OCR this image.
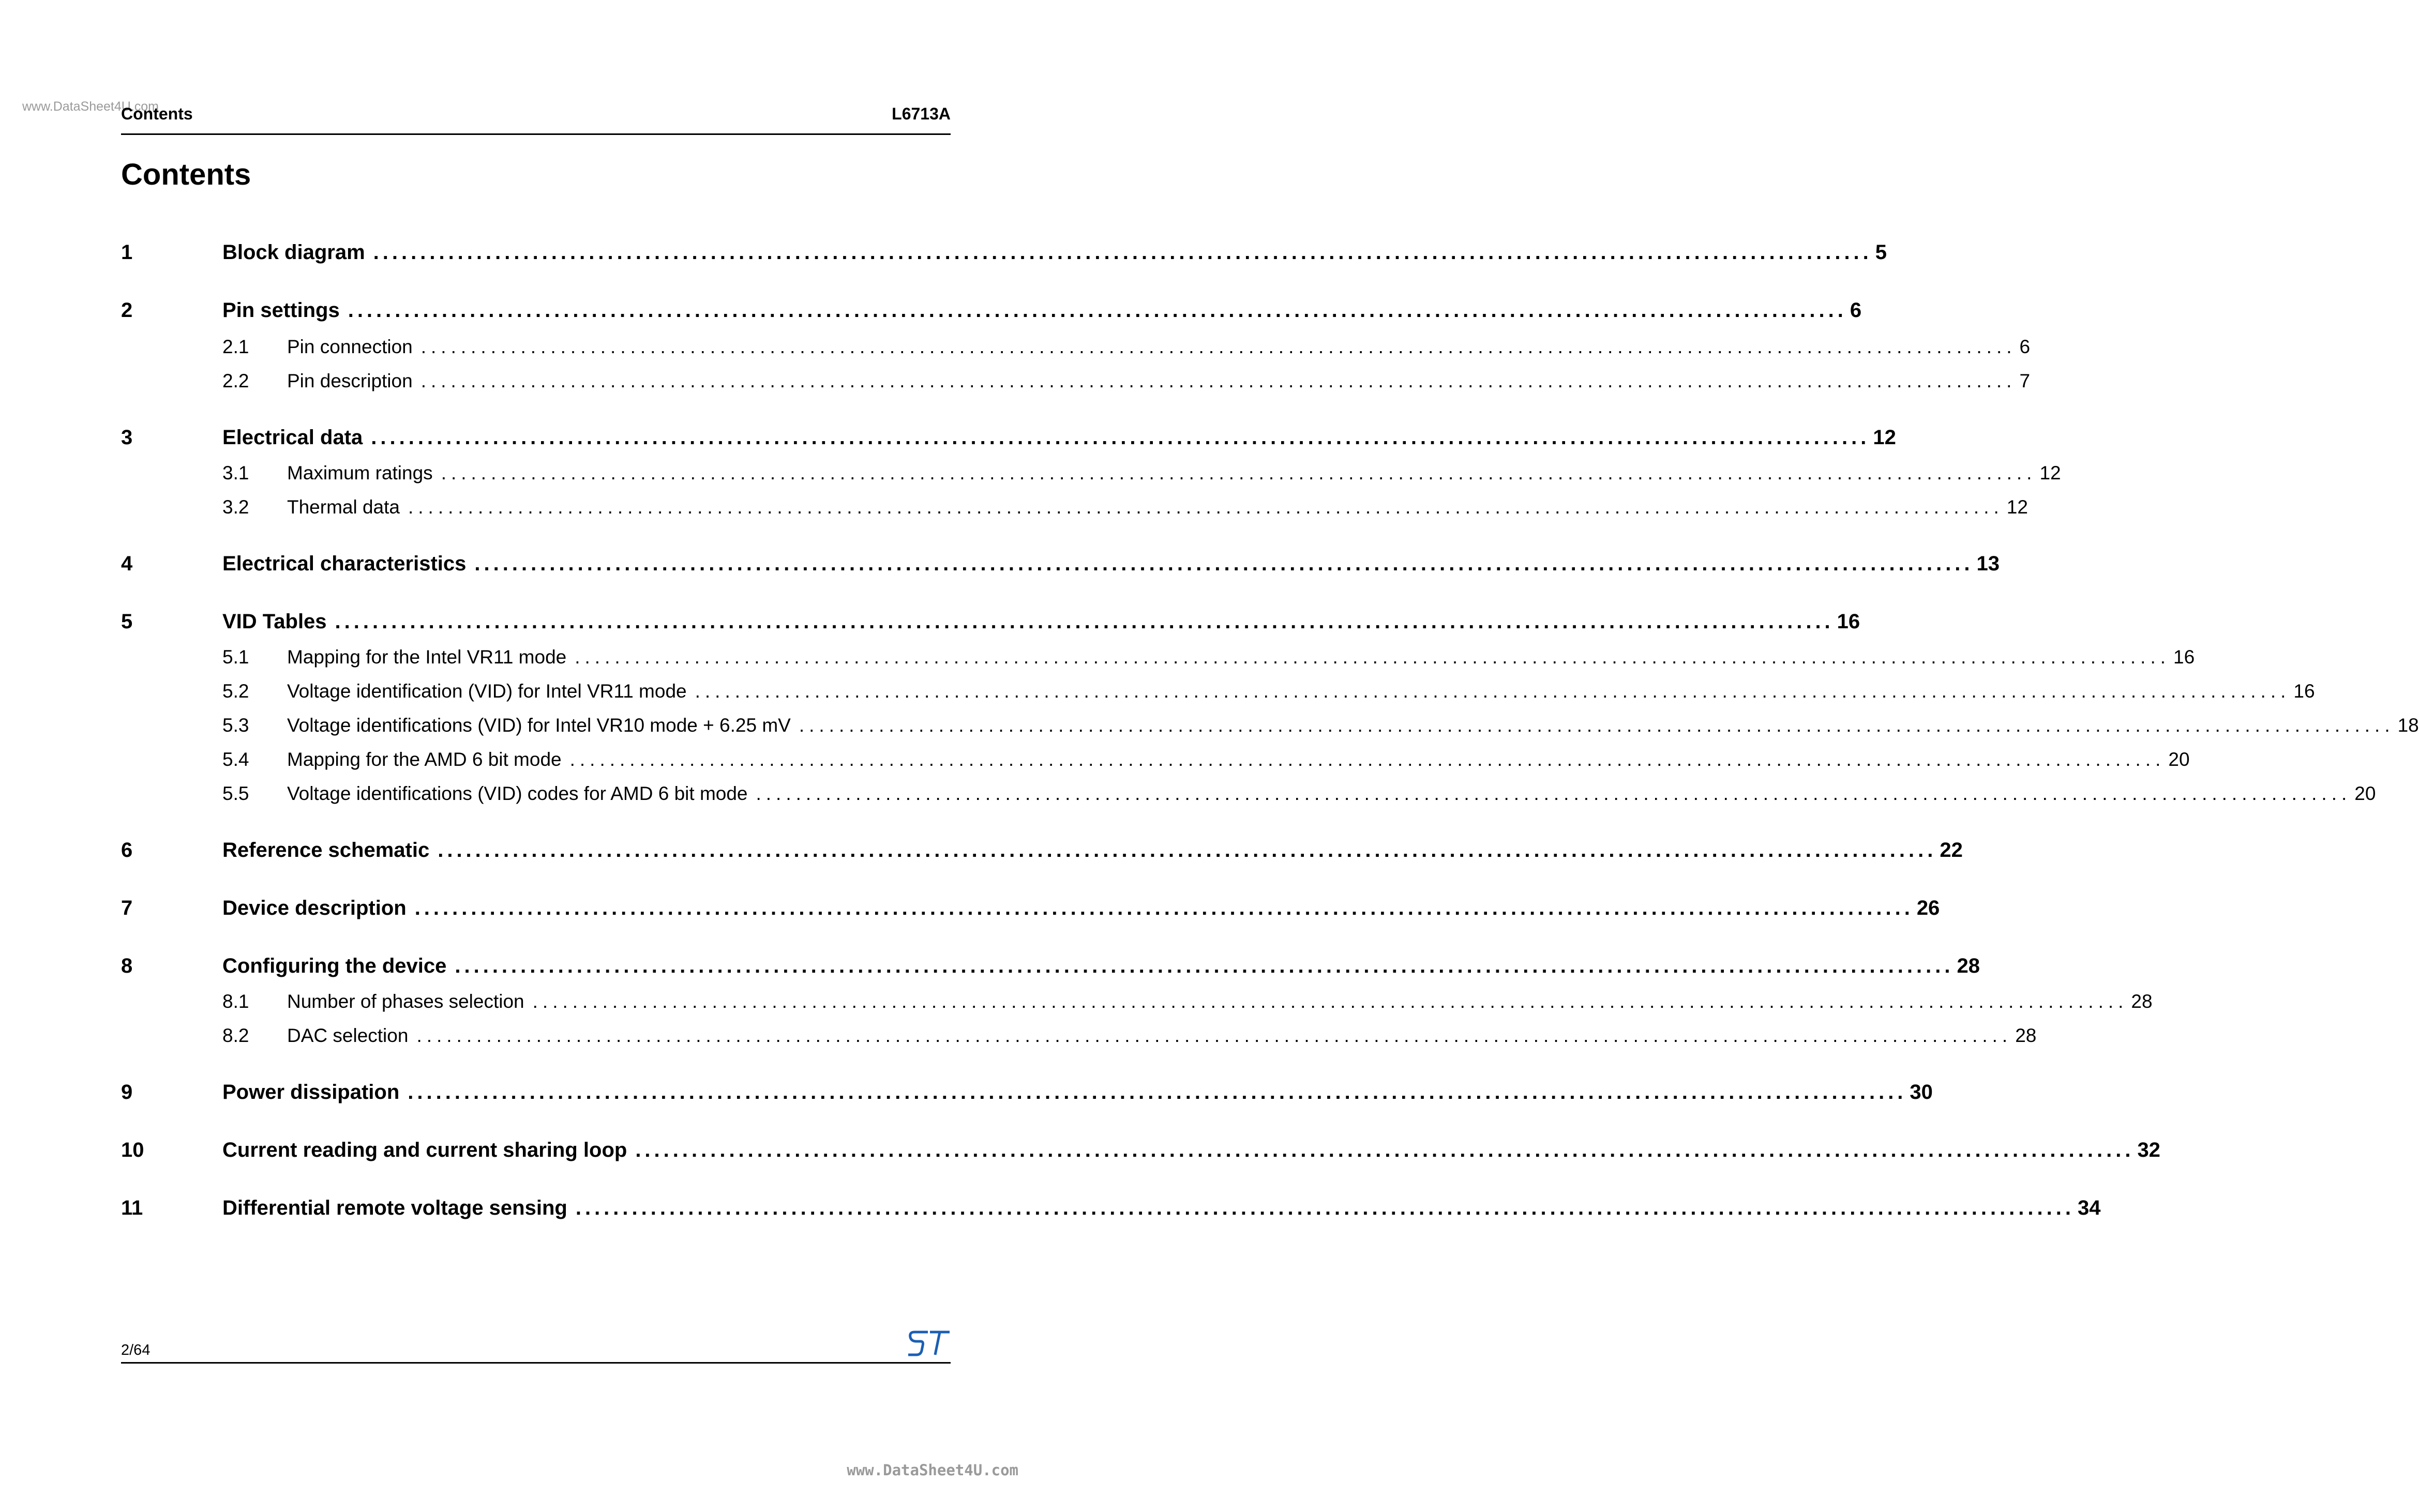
www.DataSheet4U.com
Contents	L6713A
Contents
1	Block diagram ................................................................................................................................................................ 5
2	Pin settings ................................................................................................................................................................ 6
2.1	Pin connection ................................................................................................................................................................ 6
2.2	Pin description ................................................................................................................................................................ 7
3	Electrical data ................................................................................................................................................................ 12
3.1	Maximum ratings ................................................................................................................................................................ 12
3.2	Thermal data ................................................................................................................................................................ 12
4	Electrical characteristics ................................................................................................................................................................ 13
5	VID Tables ................................................................................................................................................................ 16
5.1	Mapping for the Intel VR11 mode ................................................................................................................................................................ 16
5.2	Voltage identification (VID) for Intel VR11 mode ................................................................................................................................................................ 16
5.3	Voltage identifications (VID) for Intel VR10 mode + 6.25 mV ................................................................................................................................................................ 18
5.4	Mapping for the AMD 6 bit mode ................................................................................................................................................................ 20
5.5	Voltage identifications (VID) codes for AMD 6 bit mode ................................................................................................................................................................ 20
6	Reference schematic ................................................................................................................................................................ 22
7	Device description ................................................................................................................................................................ 26
8	Configuring the device ................................................................................................................................................................ 28
8.1	Number of phases selection ................................................................................................................................................................ 28
8.2	DAC selection ................................................................................................................................................................ 28
9	Power dissipation ................................................................................................................................................................ 30
10	Current reading and current sharing loop ................................................................................................................................................................ 32
11	Differential remote voltage sensing ................................................................................................................................................................ 34
2/64
www.DataSheet4U.com
